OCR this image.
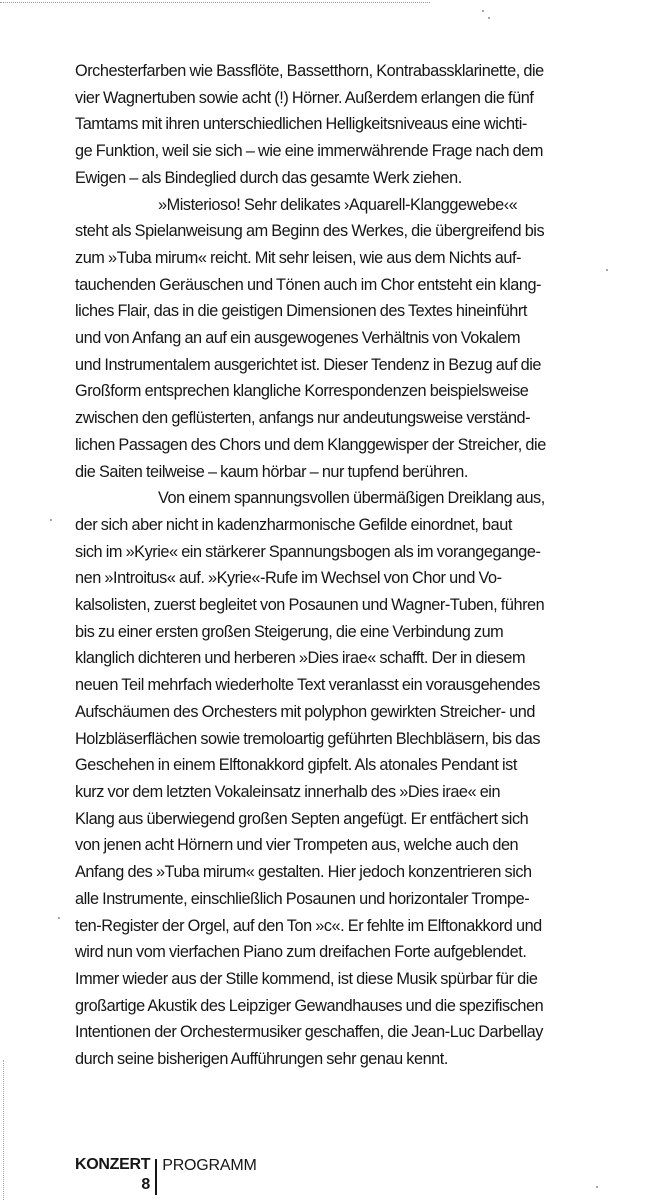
Orchesterfarben wie Bassflöte, Bassetthorn, Kontrabassklarinette, die
vier Wagnertuben sowie acht (!) Hörner. Außerdem erlangen die fünf
Tamtams mit ihren unterschiedlichen Helligkeitsniveaus eine wichti-
ge Funktion, weil sie sich – wie eine immerwährende Frage nach dem
Ewigen – als Bindeglied durch das gesamte Werk ziehen.

»Misterioso! Sehr delikates ›Aquarell-Klanggewebe‹«
steht als Spielanweisung am Beginn des Werkes, die übergreifend bis
zum »Tuba mirum« reicht. Mit sehr leisen, wie aus dem Nichts auf-
tauchenden Geräuschen und Tönen auch im Chor entsteht ein klang-
liches Flair, das in die geistigen Dimensionen des Textes hineinführt
und von Anfang an auf ein ausgewogenes Verhältnis von Vokalem
und Instrumentalem ausgerichtet ist. Dieser Tendenz in Bezug auf die
Großform entsprechen klangliche Korrespondenzen beispielsweise
zwischen den geflüsterten, anfangs nur andeutungsweise verständ-
lichen Passagen des Chors und dem Klanggewisper der Streicher, die
die Saiten teilweise – kaum hörbar – nur tupfend berühren.

Von einem spannungsvollen übermäßigen Dreiklang aus,
der sich aber nicht in kadenzharmonische Gefilde einordnet, baut
sich im »Kyrie« ein stärkerer Spannungsbogen als im vorangegange-
nen »Introitus« auf. »Kyrie«-Rufe im Wechsel von Chor und Vo-
kalsolisten, zuerst begleitet von Posaunen und Wagner-Tuben, führen
bis zu einer ersten großen Steigerung, die eine Verbindung zum
klanglich dichteren und herberen »Dies irae« schafft. Der in diesem
neuen Teil mehrfach wiederholte Text veranlasst ein vorausgehendes
Aufschäumen des Orchesters mit polyphon gewirkten Streicher- und
Holzbläserflächen sowie tremoloartig geführten Blechbläsern, bis das
Geschehen in einem Elftonakkord gipfelt. Als atonales Pendant ist
kurz vor dem letzten Vokaleinsatz innerhalb des »Dies irae« ein
Klang aus überwiegend großen Septen angefügt. Er entfächert sich
von jenen acht Hörnern und vier Trompeten aus, welche auch den
Anfang des »Tuba mirum« gestalten. Hier jedoch konzentrieren sich
alle Instrumente, einschließlich Posaunen und horizontaler Trompe-
ten-Register der Orgel, auf den Ton »c«. Er fehlte im Elftonakkord und
wird nun vom vierfachen Piano zum dreifachen Forte aufgeblendet.
Immer wieder aus der Stille kommend, ist diese Musik spürbar für die
großartige Akustik des Leipziger Gewandhauses und die spezifischen
Intentionen der Orchestermusiker geschaffen, die Jean-Luc Darbellay
durch seine bisherigen Aufführungen sehr genau kennt.

KONZERT
8
PROGRAMM
